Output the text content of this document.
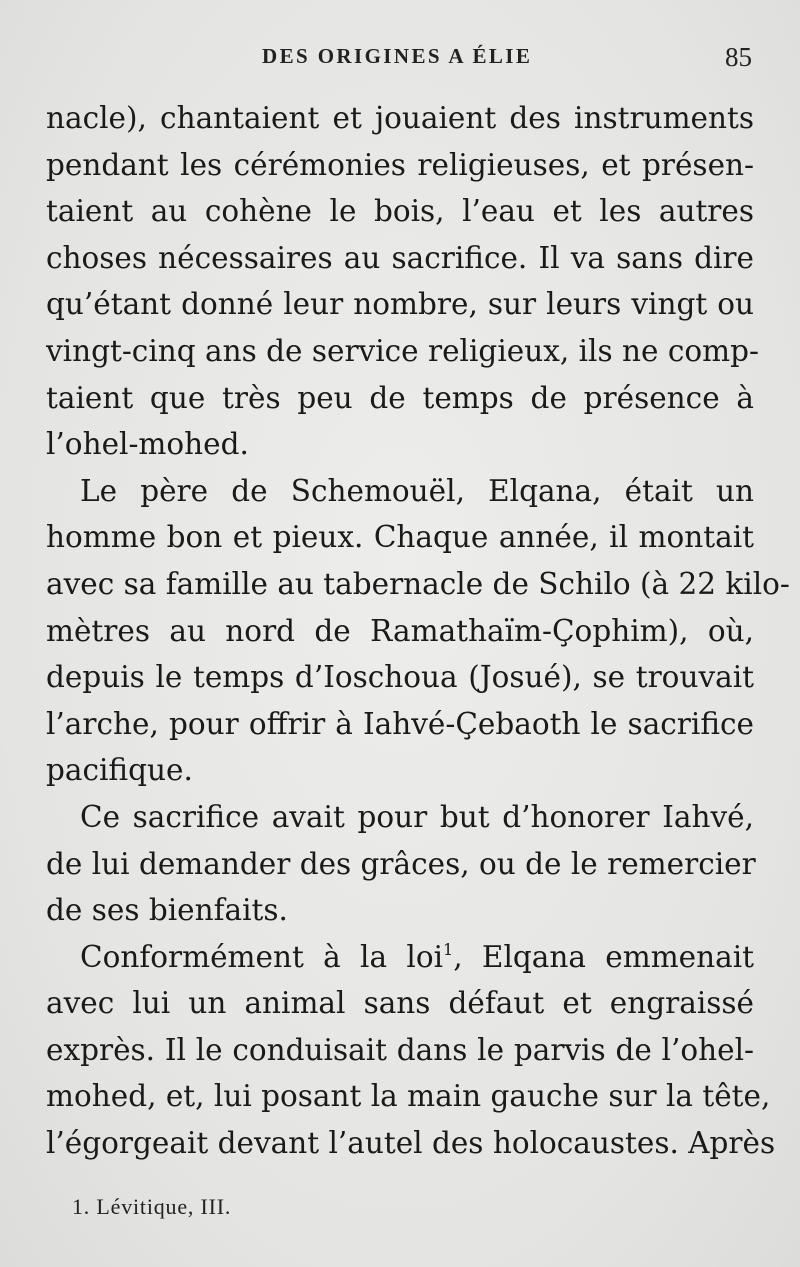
DES ORIGINES A ÉLIE	85
nacle), chantaient et jouaient des instruments
pendant les cérémonies religieuses, et présen-
taient au cohène le bois, l’eau et les autres
choses nécessaires au sacrifice. Il va sans dire
qu’étant donné leur nombre, sur leurs vingt ou
vingt-cinq ans de service religieux, ils ne comp-
taient que très peu de temps de présence à
l’ohel-mohed.
Le père de Schemouël, Elqana, était un
homme bon et pieux. Chaque année, il montait
avec sa famille au tabernacle de Schilo (à 22 kilo-
mètres au nord de Ramathaïm-Çophim), où,
depuis le temps d’Ioschoua (Josué), se trouvait
l’arche, pour offrir à Iahvé-Çebaoth le sacrifice
pacifique.
Ce sacrifice avait pour but d’honorer Iahvé,
de lui demander des grâces, ou de le remercier
de ses bienfaits.
Conformément à la loi$^1$, Elqana emmenait
avec lui un animal sans défaut et engraissé
exprès. Il le conduisait dans le parvis de l’ohel-
mohed, et, lui posant la main gauche sur la tête,
l’égorgeait devant l’autel des holocaustes. Après
1. Lévitique, III.
